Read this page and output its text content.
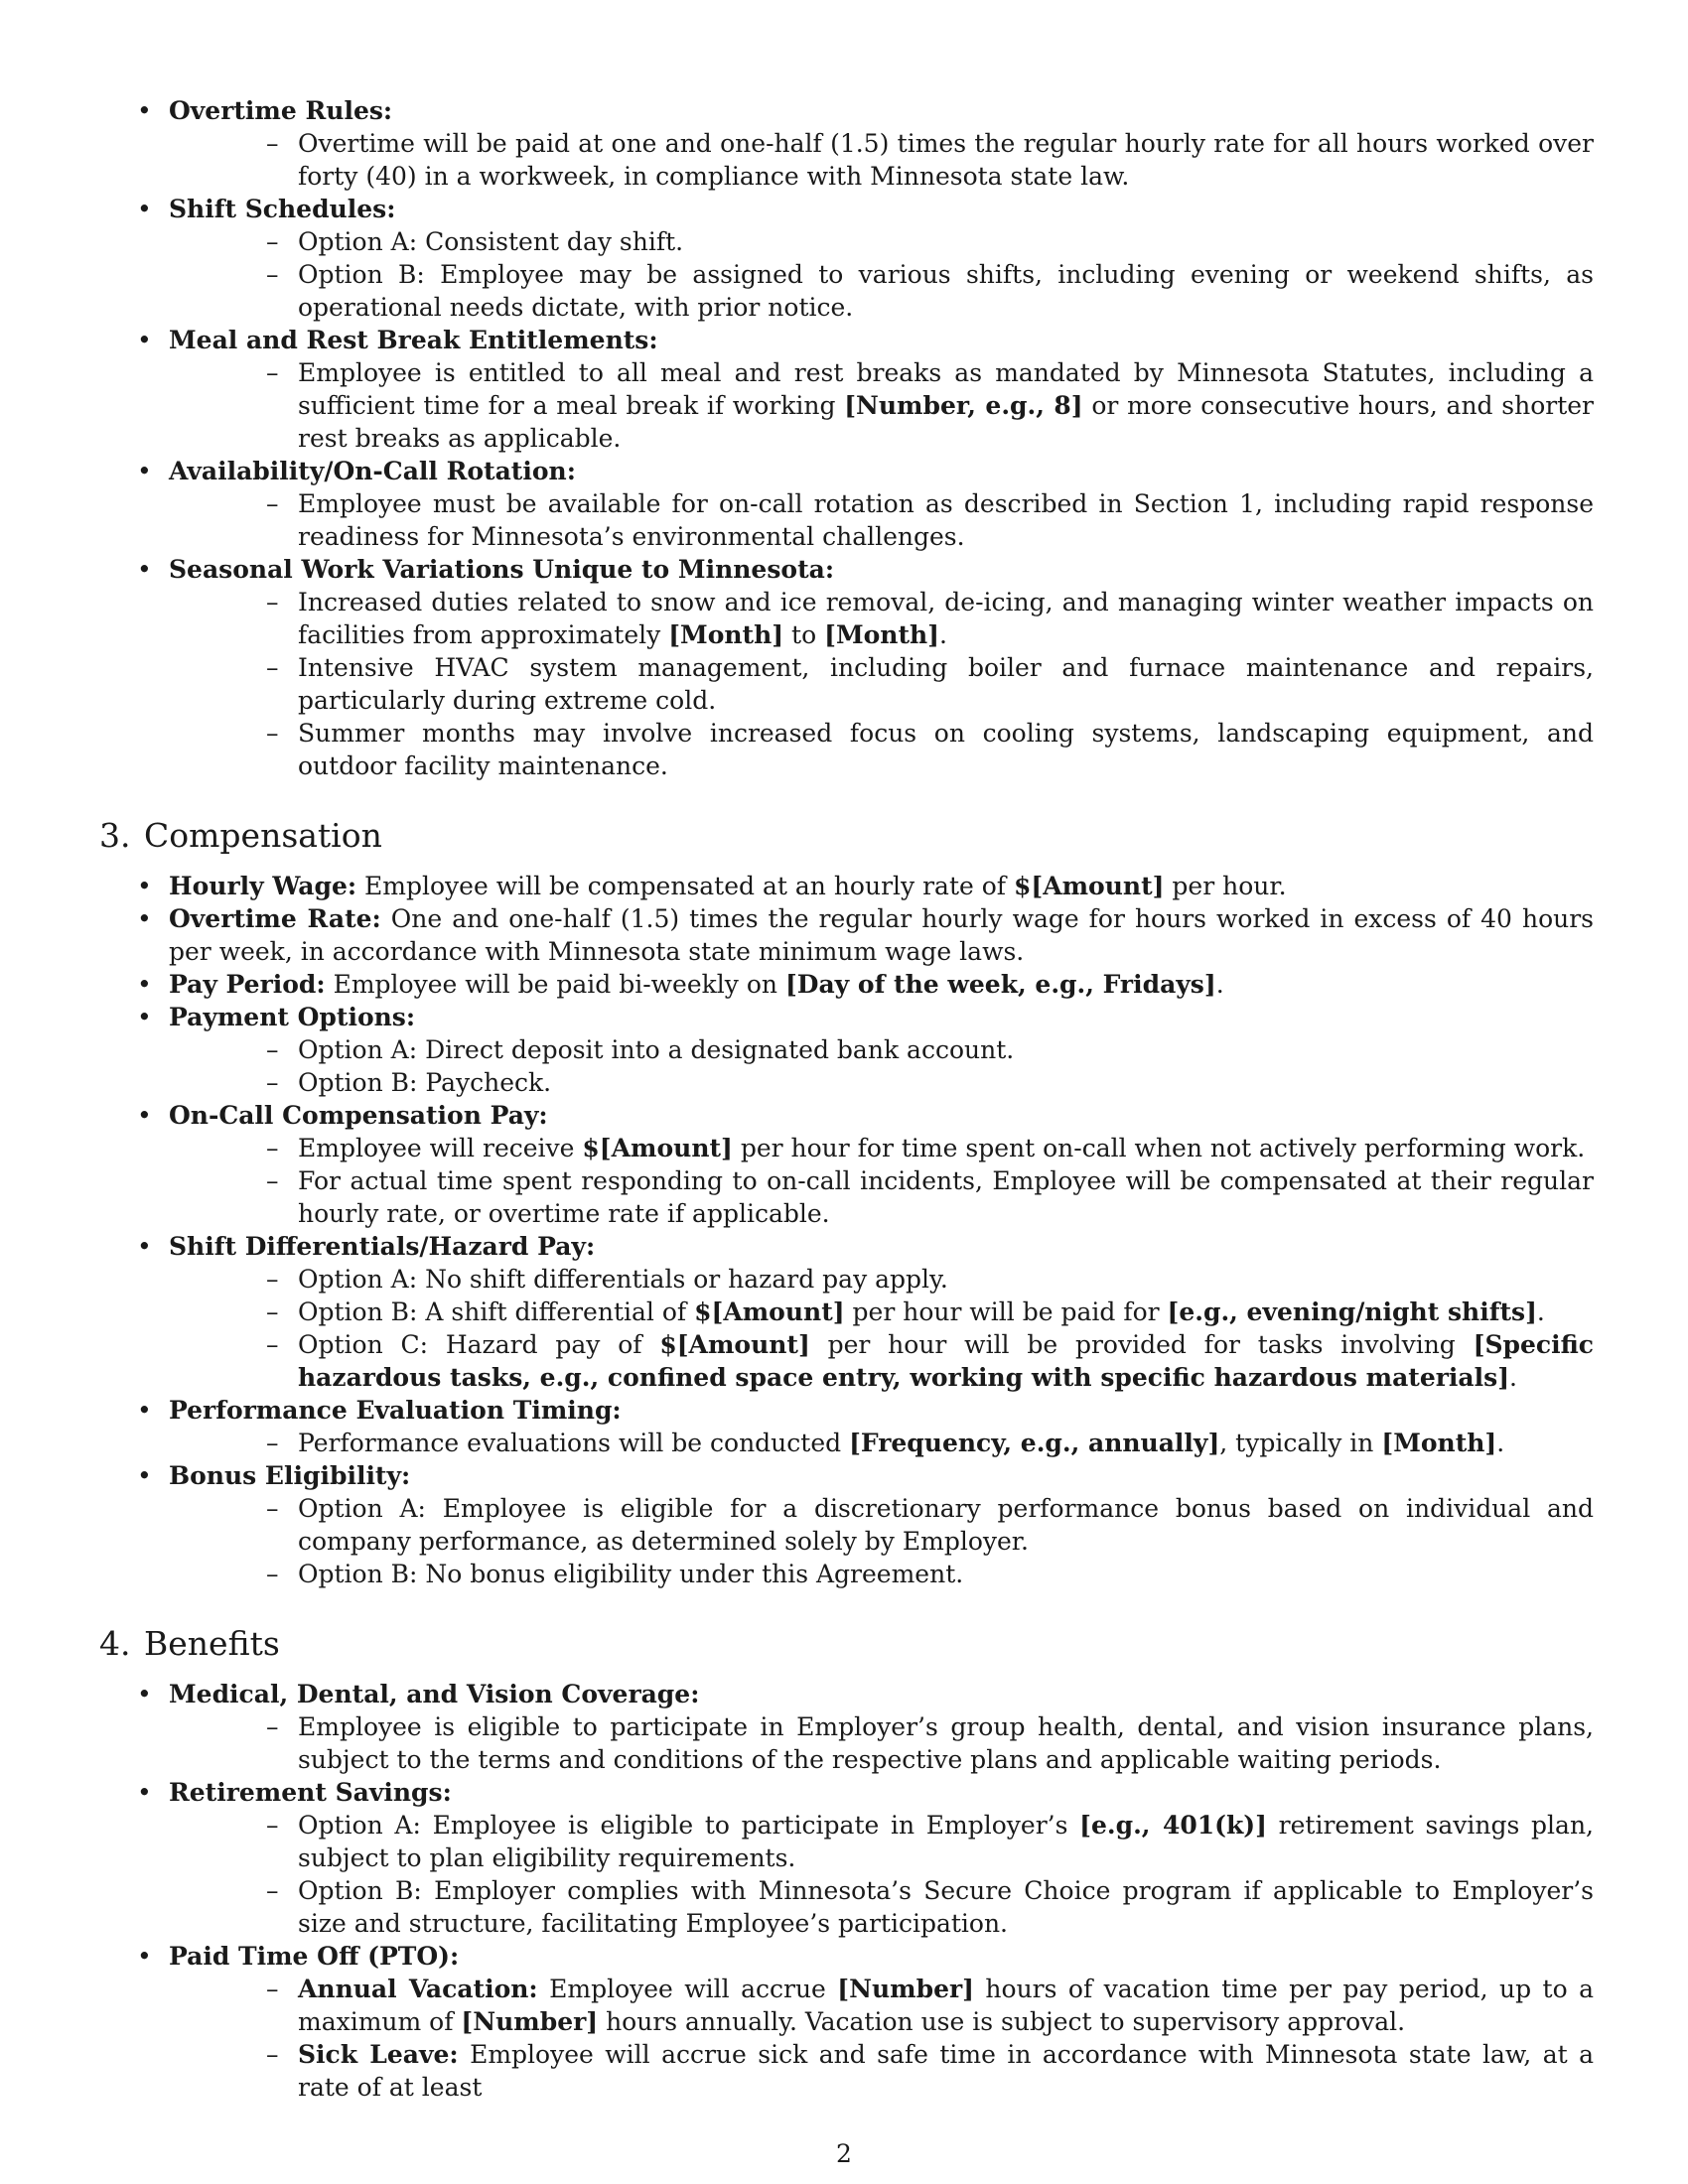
• Overtime Rules:
– Overtime will be paid at one and one-half (1.5) times the regular hourly rate for all hours worked over forty (40) in a workweek, in compliance with Minnesota state law.
• Shift Schedules:
– Option A: Consistent day shift.
– Option B: Employee may be assigned to various shifts, including evening or weekend shifts, as operational needs dictate, with prior notice.
• Meal and Rest Break Entitlements:
– Employee is entitled to all meal and rest breaks as mandated by Minnesota Statutes, including a sufficient time for a meal break if working [Number, e.g., 8] or more consecutive hours, and shorter rest breaks as applicable.
• Availability/On-Call Rotation:
– Employee must be available for on-call rotation as described in Section 1, including rapid response readiness for Minnesota’s environmental challenges.
• Seasonal Work Variations Unique to Minnesota:
– Increased duties related to snow and ice removal, de-icing, and managing winter weather impacts on facilities from approximately [Month] to [Month].
– Intensive HVAC system management, including boiler and furnace maintenance and repairs, particularly during extreme cold.
– Summer months may involve increased focus on cooling systems, landscaping equipment, and outdoor facility maintenance.
3. Compensation
• Hourly Wage: Employee will be compensated at an hourly rate of $[Amount] per hour.
• Overtime Rate: One and one-half (1.5) times the regular hourly wage for hours worked in excess of 40 hours per week, in accordance with Minnesota state minimum wage laws.
• Pay Period: Employee will be paid bi-weekly on [Day of the week, e.g., Fridays].
• Payment Options:
– Option A: Direct deposit into a designated bank account.
– Option B: Paycheck.
• On-Call Compensation Pay:
– Employee will receive $[Amount] per hour for time spent on-call when not actively performing work.
– For actual time spent responding to on-call incidents, Employee will be compensated at their regular hourly rate, or overtime rate if applicable.
• Shift Differentials/Hazard Pay:
– Option A: No shift differentials or hazard pay apply.
– Option B: A shift differential of $[Amount] per hour will be paid for [e.g., evening/night shifts].
– Option C: Hazard pay of $[Amount] per hour will be provided for tasks involving [Specific hazardous tasks, e.g., confined space entry, working with specific hazardous materials].
• Performance Evaluation Timing:
– Performance evaluations will be conducted [Frequency, e.g., annually], typically in [Month].
• Bonus Eligibility:
– Option A: Employee is eligible for a discretionary performance bonus based on individual and company performance, as determined solely by Employer.
– Option B: No bonus eligibility under this Agreement.
4. Benefits
• Medical, Dental, and Vision Coverage:
– Employee is eligible to participate in Employer’s group health, dental, and vision insurance plans, subject to the terms and conditions of the respective plans and applicable waiting periods.
• Retirement Savings:
– Option A: Employee is eligible to participate in Employer’s [e.g., 401(k)] retirement savings plan, subject to plan eligibility requirements.
– Option B: Employer complies with Minnesota’s Secure Choice program if applicable to Employer’s size and structure, facilitating Employee’s participation.
• Paid Time Off (PTO):
– Annual Vacation: Employee will accrue [Number] hours of vacation time per pay period, up to a maximum of [Number] hours annually. Vacation use is subject to supervisory approval.
– Sick Leave: Employee will accrue sick and safe time in accordance with Minnesota state law, at a rate of at least
2
